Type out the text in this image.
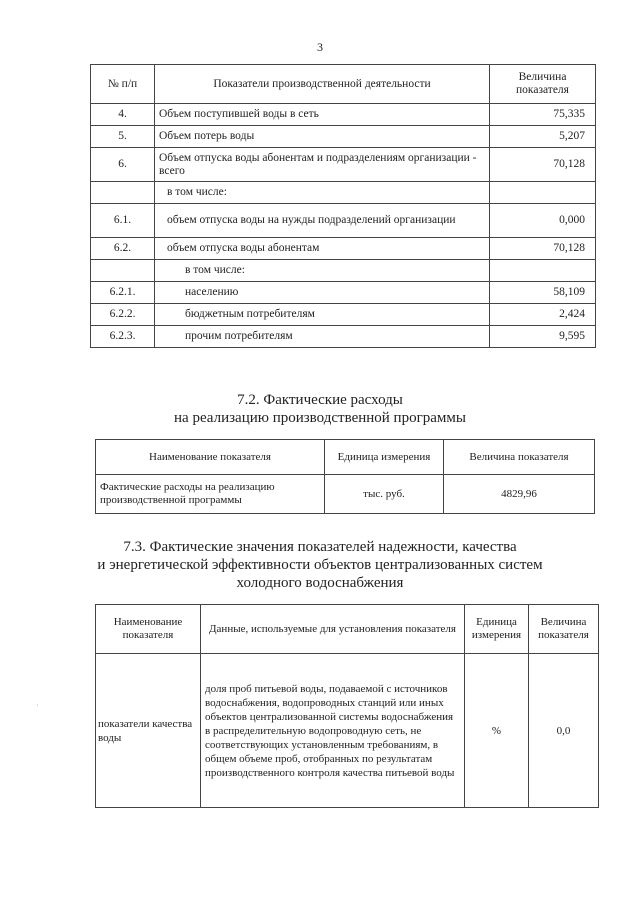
3
№ п/п	Показатели производственной деятельности	Величина показателя
4.	Объем поступившей воды в сеть	75,335
5.	Объем потерь воды	5,207
6.	Объем отпуска воды абонентам и подразделениям организации - всего	70,128
	в том числе:	
6.1.	объем отпуска воды на нужды подразделений организации	0,000
6.2.	объем отпуска воды абонентам	70,128
	в том числе:	
6.2.1.	населению	58,109
6.2.2.	бюджетным потребителям	2,424
6.2.3.	прочим потребителям	9,595
7.2. Фактические расходы
на реализацию производственной программы
Наименование показателя	Единица измерения	Величина показателя
Фактические расходы на реализацию производственной программы	тыс. руб.	4829,96
7.3. Фактические значения показателей надежности, качества
и энергетической эффективности объектов централизованных систем
холодного водоснабжения
Наименование показателя	Данные, используемые для установления показателя	Единица измерения	Величина показателя
показатели качества воды	доля проб питьевой воды, подаваемой с источников водоснабжения, водопроводных станций или иных объектов централизованной системы водоснабжения в распределительную водопроводную сеть, не соответствующих установленным требованиям, в общем объеме проб, отобранных по результатам производственного контроля качества питьевой воды	%	0,0
·
